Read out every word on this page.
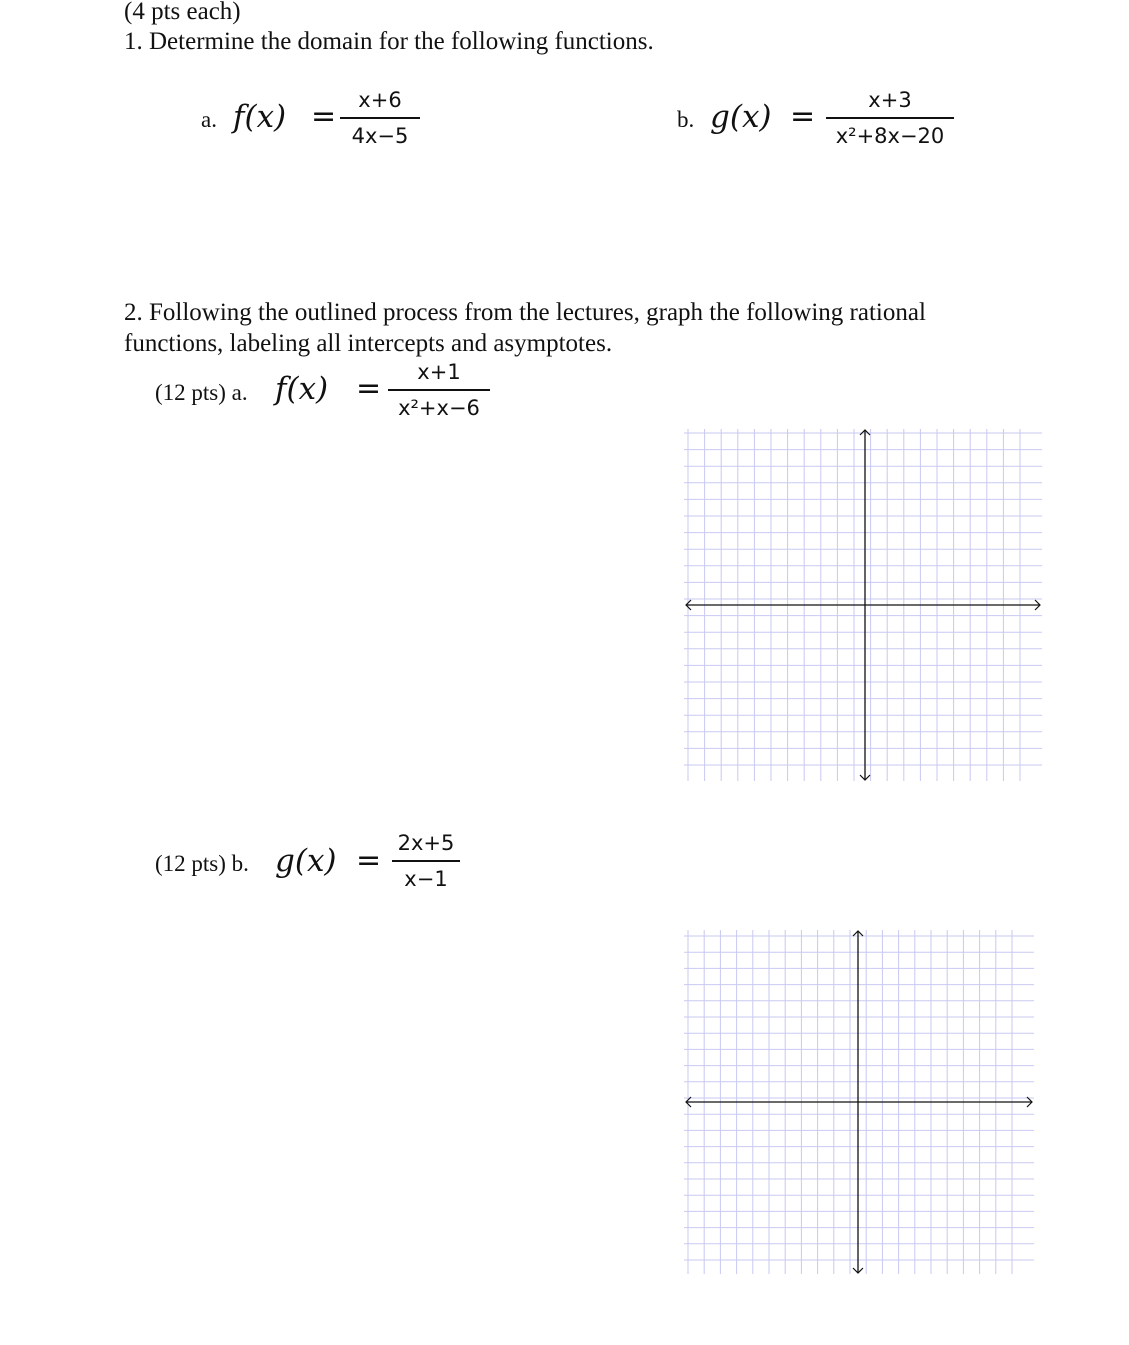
(4 pts each)
1. Determine the domain for the following functions.
a. f(x) =	x+6
4x−5
b. g(x) =	x+3
x²+8x−20
2. Following the outlined process from the lectures, graph the following rational
functions, labeling all intercepts and asymptotes.
(12 pts) a. f(x) =	x+1
x²+x−6
(12 pts) b. g(x) = 2x+5
x−1
